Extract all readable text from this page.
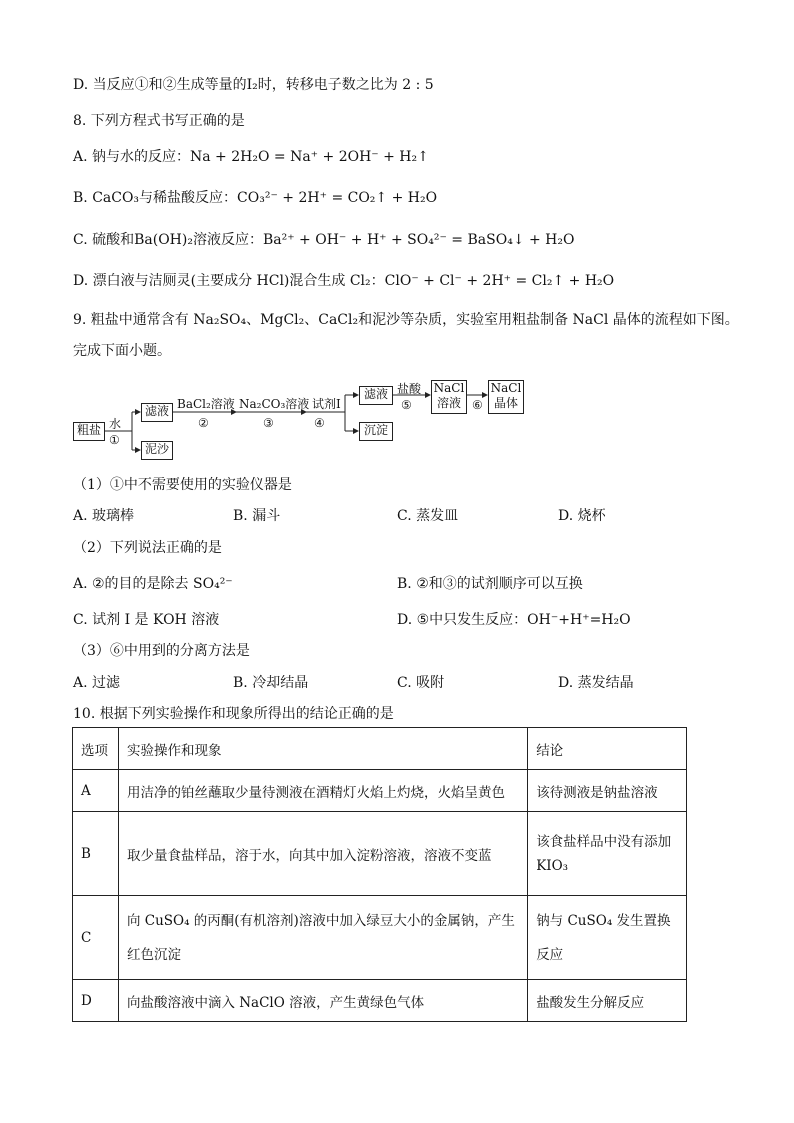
D. 当反应①和②生成等量的I₂时，转移电子数之比为 2 : 5
8. 下列方程式书写正确的是
A. 钠与水的反应：Na + 2H₂O = Na⁺ + 2OH⁻ + H₂↑
B. CaCO₃与稀盐酸反应：CO₃²⁻ + 2H⁺ = CO₂↑ + H₂O
C. 硫酸和Ba(OH)₂溶液反应：Ba²⁺ + OH⁻ + H⁺ + SO₄²⁻ = BaSO₄↓ + H₂O
D. 漂白液与洁厕灵(主要成分 HCl)混合生成 Cl₂：ClO⁻ + Cl⁻ + 2H⁺ = Cl₂↑ + H₂O
9. 粗盐中通常含有 Na₂SO₄、MgCl₂、CaCl₂和泥沙等杂质，实验室用粗盐制备 NaCl 晶体的流程如下图。
完成下面小题。
粗盐 水
①
滤液
泥沙
BaCl₂溶液
②
Na₂CO₃溶液
③
试剂I
④
滤液
沉淀
盐酸
⑤
NaCl 溶液 ⑥
NaCl 晶体
（1）①中不需要使用的实验仪器是
A. 玻璃棒	B. 漏斗	C. 蒸发皿	D. 烧杯
（2）下列说法正确的是
A. ②的目的是除去 SO₄²⁻	B. ②和③的试剂顺序可以互换
C. 试剂 I 是 KOH 溶液	D. ⑤中只发生反应：OH⁻+H⁺=H₂O
（3）⑥中用到的分离方法是
A. 过滤	B. 冷却结晶	C. 吸附	D. 蒸发结晶
10. 根据下列实验操作和现象所得出的结论正确的是
选项	实验操作和现象	结论
A	用洁净的铂丝蘸取少量待测液在酒精灯火焰上灼烧，火焰呈黄色	该待测液是钠盐溶液
B	取少量食盐样品，溶于水，向其中加入淀粉溶液，溶液不变蓝	该食盐样品中没有添加 KIO₃
C	向 CuSO₄ 的丙酮(有机溶剂)溶液中加入绿豆大小的金属钠，产生红色沉淀	钠与 CuSO₄ 发生置换反应
D	向盐酸溶液中滴入 NaClO 溶液，产生黄绿色气体	盐酸发生分解反应
